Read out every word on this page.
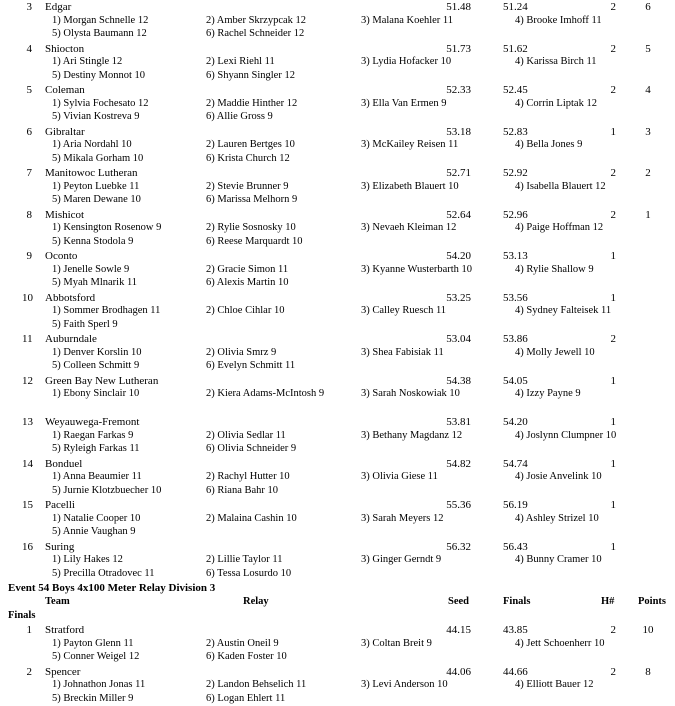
3 Edgar	51.48	51.24	2	6
1) Morgan Schnelle 12	2) Amber Skrzypcak 12	3) Malana Koehler 11	4) Brooke Imhoff 11
5) Olysta Baumann 12	6) Rachel Schneider 12
4 Shiocton	51.73	51.62	2	5
1) Ari Stingle 12	2) Lexi Riehl 11	3) Lydia Hofacker 10	4) Karissa Birch 11
5) Destiny Monnot 10	6) Shyann Singler 12
5 Coleman	52.33	52.45	2	4
1) Sylvia Fochesato 12	2) Maddie Hinther 12	3) Ella Van Ermen 9	4) Corrin Liptak 12
5) Vivian Kostreva 9	6) Allie Gross 9
6 Gibraltar	53.18	52.83	1	3
1) Aria Nordahl 10	2) Lauren Bertges 10	3) McKailey Reisen 11	4) Bella Jones 9
5) Mikala Gorham 10	6) Krista Church 12
7 Manitowoc Lutheran	52.71	52.92	2	2
1) Peyton Luebke 11	2) Stevie Brunner 9	3) Elizabeth Blauert 10	4) Isabella Blauert 12
5) Maren Dewane 10	6) Marissa Melhorn 9
8 Mishicot	52.64	52.96	2	1
1) Kensington Rosenow 9	2) Rylie Sosnosky 10	3) Nevaeh Kleiman 12	4) Paige Hoffman 12
5) Kenna Stodola 9	6) Reese Marquardt 10
9 Oconto	54.20	53.13	1
1) Jenelle Sowle 9	2) Gracie Simon 11	3) Kyanne Wusterbarth 10	4) Rylie Shallow 9
5) Myah Mlnarik 11	6) Alexis Martin 10
10 Abbotsford	53.25	53.56	1
1) Sommer Brodhagen 11	2) Chloe Cihlar 10	3) Calley Ruesch 11	4) Sydney Falteisek 11
5) Faith Sperl 9
11 Auburndale	53.04	53.86	2
1) Denver Korslin 10	2) Olivia Smrz 9	3) Shea Fabisiak 11	4) Molly Jewell 10
5) Colleen Schmitt 9	6) Evelyn Schmitt 11
12 Green Bay New Lutheran	54.38	54.05	1
1) Ebony Sinclair 10	2) Kiera Adams-McIntosh 9	3) Sarah Noskowiak 10	4) Izzy Payne 9
13 Weyauwega-Fremont	53.81	54.20	1
1) Raegan Farkas 9	2) Olivia Sedlar 11	3) Bethany Magdanz 12	4) Joslynn Clumpner 10
5) Ryleigh Farkas 11	6) Olivia Schneider 9
14 Bonduel	54.82	54.74	1
1) Anna Beaumier 11	2) Rachyl Hutter 10	3) Olivia Giese 11	4) Josie Anvelink 10
5) Jurnie Klotzbuecher 10	6) Riana Bahr 10
15 Pacelli	55.36	56.19	1
1) Natalie Cooper 10	2) Malaina Cashin 10	3) Sarah Meyers 12	4) Ashley Strizel 10
5) Annie Vaughan 9
16 Suring	56.32	56.43	1
1) Lily Hakes 12	2) Lillie Taylor 11	3) Ginger Gerndt 9	4) Bunny Cramer 10
5) Precilla Otradovec 11	6) Tessa Losurdo 10
Event 54 Boys 4x100 Meter Relay Division 3
Team	Relay	Seed	Finals	H# Points
Finals
1 Stratford	44.15	43.85	2 10
1) Payton Glenn 11	2) Austin Oneil 9	3) Coltan Breit 9	4) Jett Schoenherr 10
5) Conner Weigel 12	6) Kaden Foster 10
2 Spencer	44.06	44.66	2	8
1) Johnathon Jonas 11	2) Landon Behselich 11	3) Levi Anderson 10	4) Elliott Bauer 12
5) Breckin Miller 9	6) Logan Ehlert 11
